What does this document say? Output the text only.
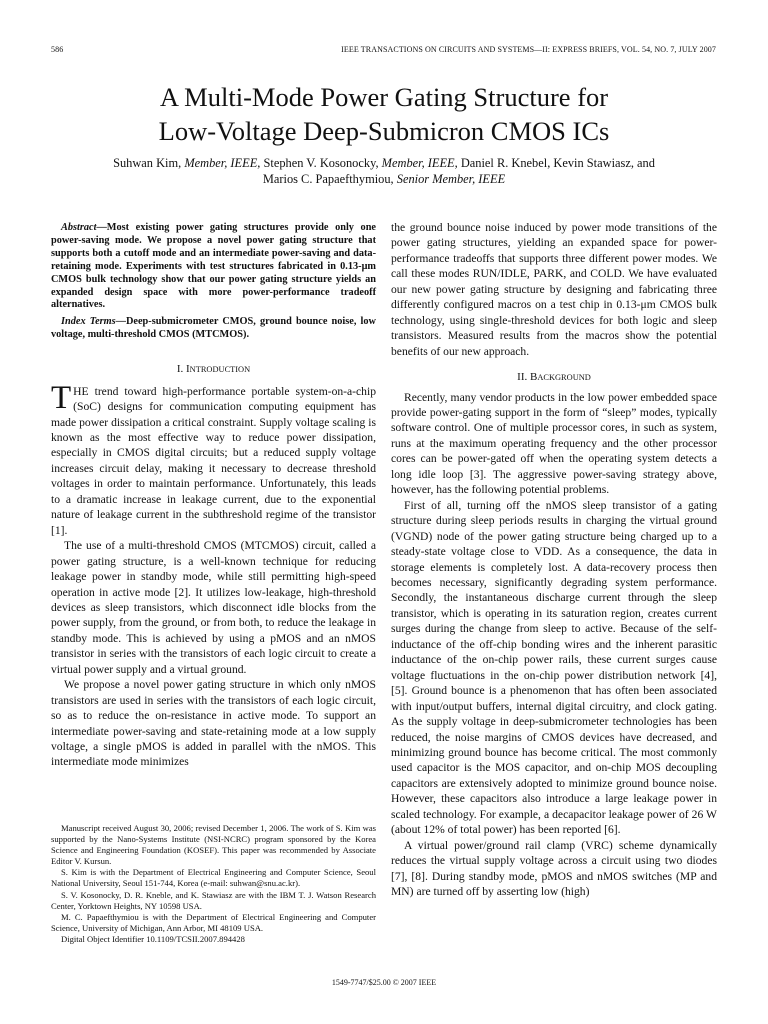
586	IEEE TRANSACTIONS ON CIRCUITS AND SYSTEMS—II: EXPRESS BRIEFS, VOL. 54, NO. 7, JULY 2007
A Multi-Mode Power Gating Structure for
Low-Voltage Deep-Submicron CMOS ICs
Suhwan Kim, Member, IEEE, Stephen V. Kosonocky, Member, IEEE, Daniel R. Knebel, Kevin Stawiasz, and
Marios C. Papaefthymiou, Senior Member, IEEE

Abstract—Most existing power gating structures provide only one power-saving mode. We propose a novel power gating structure that supports both a cutoff mode and an intermediate power-saving and data-retaining mode. Experiments with test structures fabricated in 0.13-μm CMOS bulk technology show that our power gating structure yields an expanded design space with more power-performance tradeoff alternatives.

Index Terms—Deep-submicrometer CMOS, ground bounce noise, low voltage, multi-threshold CMOS (MTCMOS).

I. INTRODUCTION

THE trend toward high-performance portable system-on-a-chip (SoC) designs for communication computing equipment has made power dissipation a critical constraint. Supply voltage scaling is known as the most effective way to reduce power dissipation, especially in CMOS digital circuits; but a reduced supply voltage increases circuit delay, making it necessary to decrease threshold voltages in order to maintain performance. Unfortunately, this leads to a dramatic increase in leakage current, due to the exponential nature of leakage current in the subthreshold regime of the transistor [1].

The use of a multi-threshold CMOS (MTCMOS) circuit, called a power gating structure, is a well-known technique for reducing leakage power in standby mode, while still permitting high-speed operation in active mode [2]. It utilizes low-leakage, high-threshold devices as sleep transistors, which disconnect idle blocks from the power supply, from the ground, or from both, to reduce the leakage in standby mode. This is achieved by using a pMOS and an nMOS transistor in series with the transistors of each logic circuit to create a virtual power supply and a virtual ground.

We propose a novel power gating structure in which only nMOS transistors are used in series with the transistors of each logic circuit, so as to reduce the on-resistance in active mode. To support an intermediate power-saving and state-retaining mode at a low supply voltage, a single pMOS is added in parallel with the nMOS. This intermediate mode minimizes

Manuscript received August 30, 2006; revised December 1, 2006. The work of S. Kim was supported by the Nano-Systems Institute (NSI-NCRC) program sponsored by the Korea Science and Engineering Foundation (KOSEF). This paper was recommended by Associate Editor V. Kursun.

S. Kim is with the Department of Electrical Engineering and Computer Science, Seoul National University, Seoul 151-744, Korea (e-mail: suhwan@snu.ac.kr).

S. V. Kosonocky, D. R. Kneble, and K. Stawiasz are with the IBM T. J. Watson Research Center, Yorktown Heights, NY 10598 USA.

M. C. Papaefthymiou is with the Department of Electrical Engineering and Computer Science, University of Michigan, Ann Arbor, MI 48109 USA.

Digital Object Identifier 10.1109/TCSII.2007.894428

the ground bounce noise induced by power mode transitions of the power gating structures, yielding an expanded space for power-performance tradeoffs that supports three different power modes. We call these modes RUN/IDLE, PARK, and COLD. We have evaluated our new power gating structure by designing and fabricating three differently configured macros on a test chip in 0.13-μm CMOS bulk technology, using single-threshold devices for both logic and sleep transistors. Measured results from the macros show the potential benefits of our new approach.

II. BACKGROUND

Recently, many vendor products in the low power embedded space provide power-gating support in the form of “sleep” modes, typically software control. One of multiple processor cores, in such as system, runs at the maximum operating frequency and the other processor cores can be power-gated off when the operating system detects a long idle loop [3]. The aggressive power-saving strategy above, however, has the following potential problems.

First of all, turning off the nMOS sleep transistor of a gating structure during sleep periods results in charging the virtual ground (VGND) node of the power gating structure being charged up to a steady-state voltage close to VDD. As a consequence, the data in storage elements is completely lost. A data-recovery process then becomes necessary, significantly degrading system performance. Secondly, the instantaneous discharge current through the sleep transistor, which is operating in its saturation region, creates current surges during the change from sleep to active. Because of the self-inductance of the off-chip bonding wires and the inherent parasitic inductance of the on-chip power rails, these current surges cause voltage fluctuations in the on-chip power distribution network [4], [5]. Ground bounce is a phenomenon that has often been associated with input/output buffers, internal digital circuitry, and clock gating. As the supply voltage in deep-submicrometer technologies has been reduced, the noise margins of CMOS devices have decreased, and minimizing ground bounce has become critical. The most commonly used capacitor is the MOS capacitor, and on-chip MOS decoupling capacitors are extensively adopted to minimize ground bounce noise. However, these capacitors also introduce a large leakage power in scaled technology. For example, a decapacitor leakage power of 26 W (about 12% of total power) has been reported [6].

A virtual power/ground rail clamp (VRC) scheme dynamically reduces the virtual supply voltage across a circuit using two diodes [7], [8]. During standby mode, pMOS and nMOS switches (MP and MN) are turned off by asserting low (high)

1549-7747/$25.00 © 2007 IEEE
